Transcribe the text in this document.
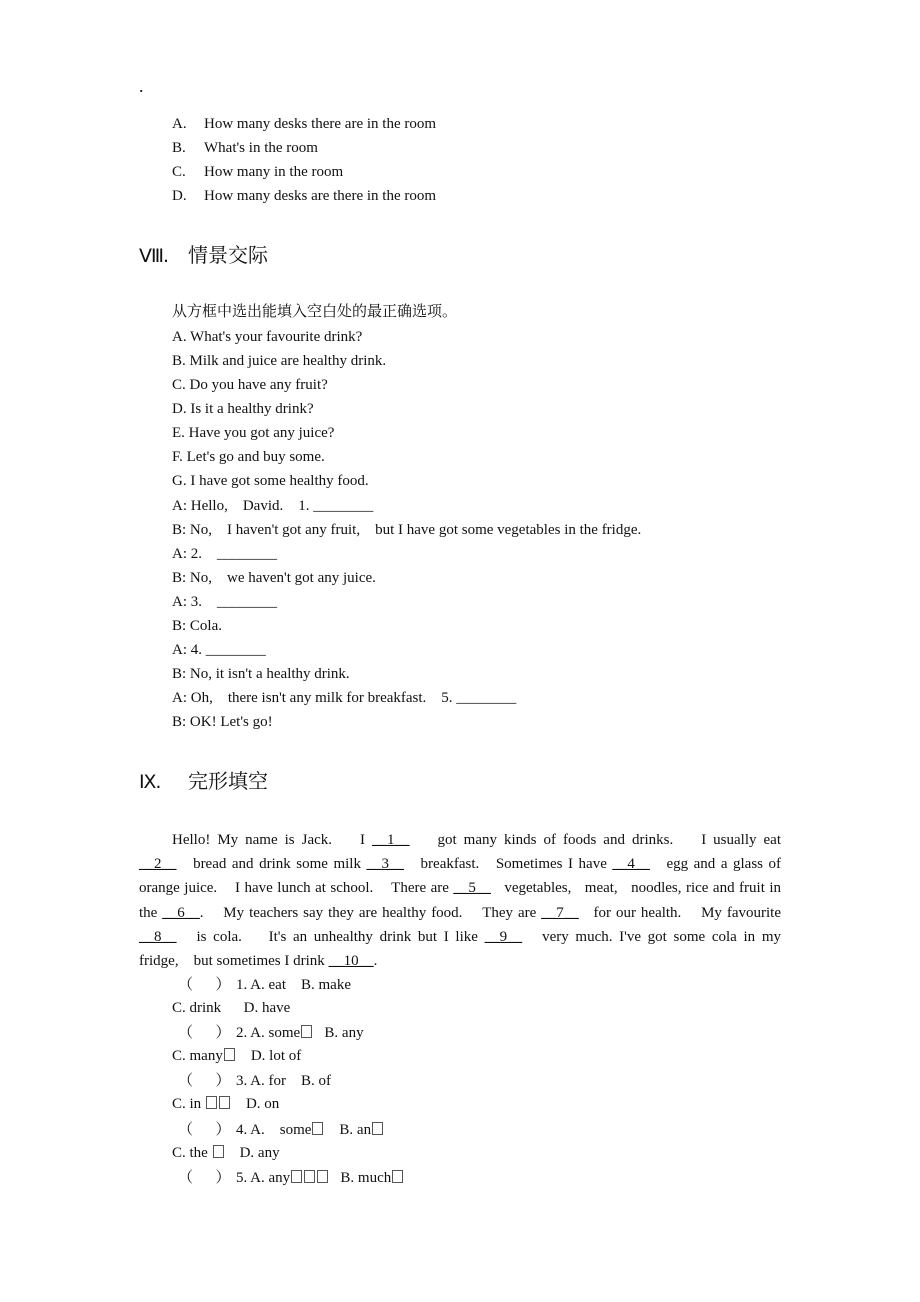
.
A. How many desks there are in the room
B. What's in the room
C. How many in the room
D. How many desks are there in the room
Ⅷ. 情景交际
从方框中选出能填入空白处的最正确选项。
A. What's your favourite drink?
B. Milk and juice are healthy drink.
C. Do you have any fruit?
D. Is it a healthy drink?
E. Have you got any juice?
F. Let's go and buy some.
G. I have got some healthy food.
A: Hello,    David.    1. ________
B: No,    I haven't got any fruit,    but I have got some vegetables in the fridge.
A: 2.    ________
B: No,    we haven't got any juice.
A: 3.    ________
B: Cola.
A: 4. ________
B: No, it isn't a healthy drink.
A: Oh,    there isn't any milk for breakfast.    5. ________
B: OK! Let's go!
Ⅸ. 完形填空
Hello! My name is Jack.    I __1__    got many kinds of foods and drinks.    I usually eat __2__   bread and drink some milk __3__   breakfast.   Sometimes I have __4__   egg and a glass of orange juice.    I have lunch at school.    There are __5__   vegetables,   meat,   noodles, rice and fruit in the __6__.    My teachers say they are healthy food.    They are __7__   for our health.    My favourite __8__   is cola.    It's an unhealthy drink but I like __9__   very much. I've got some cola in my fridge,    but sometimes I drink __10__.
（      ） 1. A. eat    B. make
C. drink      D. have
（      ） 2. A. some   B. any
C. many    D. lot of
（      ） 3. A. for    B. of
C. in     D. on
（      ） 4. A.    some    B. an
C. the     D. any
（      ） 5. A. any	B. much
